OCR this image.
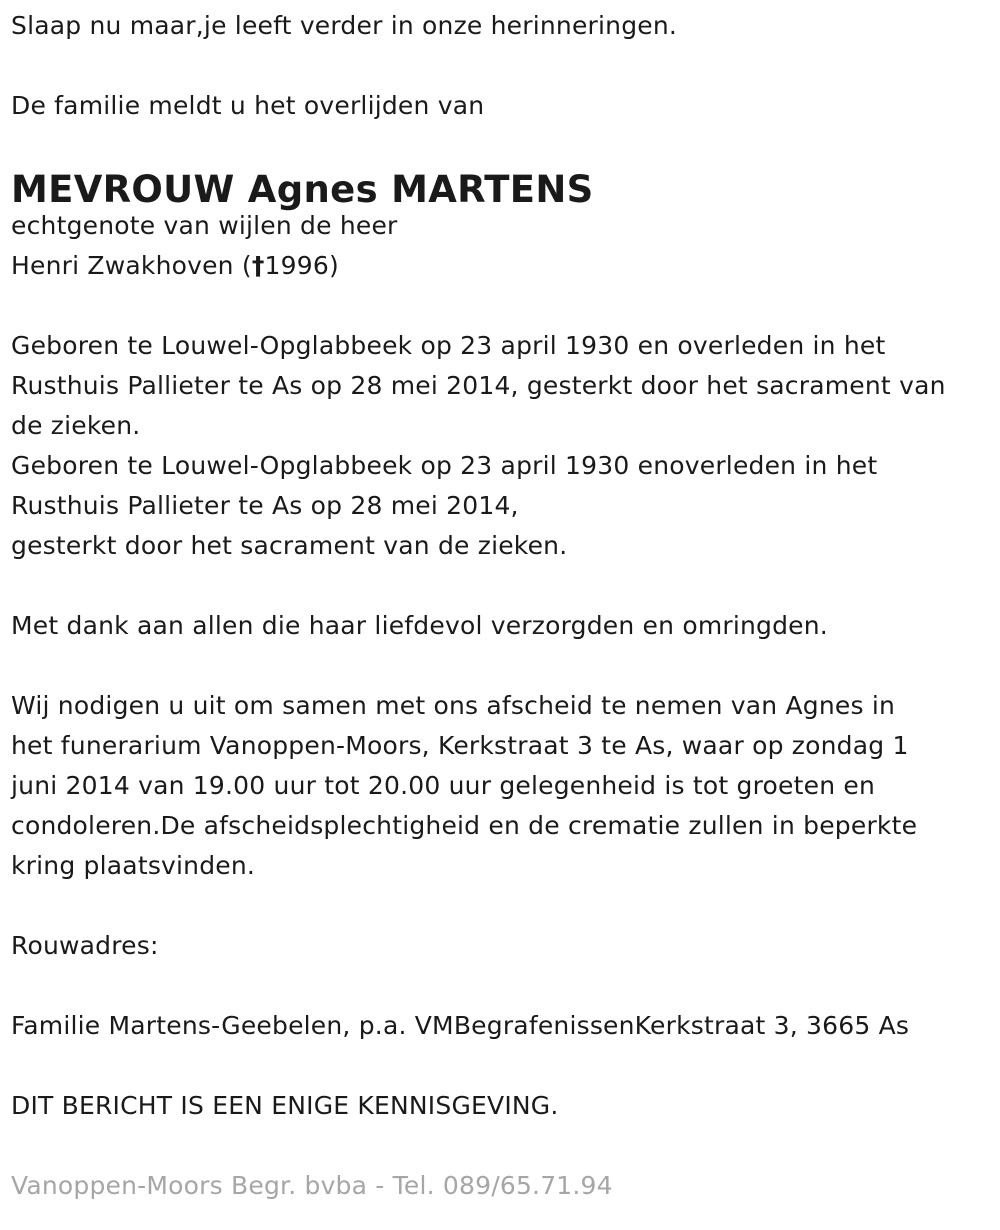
Slaap nu maar,je leeft verder in onze herinneringen.
De familie meldt u het overlijden van
MEVROUW Agnes MARTENS
echtgenote van wijlen de heer
Henri Zwakhoven (†1996)
Geboren te Louwel-Opglabbeek op 23 april 1930 en overleden in het
Rusthuis Pallieter te As op 28 mei 2014, gesterkt door het sacrament van
de zieken.
Geboren te Louwel-Opglabbeek op 23 april 1930 enoverleden in het
Rusthuis Pallieter te As op 28 mei 2014,
gesterkt door het sacrament van de zieken.
Met dank aan allen die haar liefdevol verzorgden en omringden.
Wij nodigen u uit om samen met ons afscheid te nemen van Agnes in
het funerarium Vanoppen-Moors, Kerkstraat 3 te As, waar op zondag 1
juni 2014 van 19.00 uur tot 20.00 uur gelegenheid is tot groeten en
condoleren.De afscheidsplechtigheid en de crematie zullen in beperkte
kring plaatsvinden.
Rouwadres:
Familie Martens-Geebelen, p.a. VMBegrafenissenKerkstraat 3, 3665 As
DIT BERICHT IS EEN ENIGE KENNISGEVING.
Vanoppen-Moors Begr. bvba - Tel. 089/65.71.94
